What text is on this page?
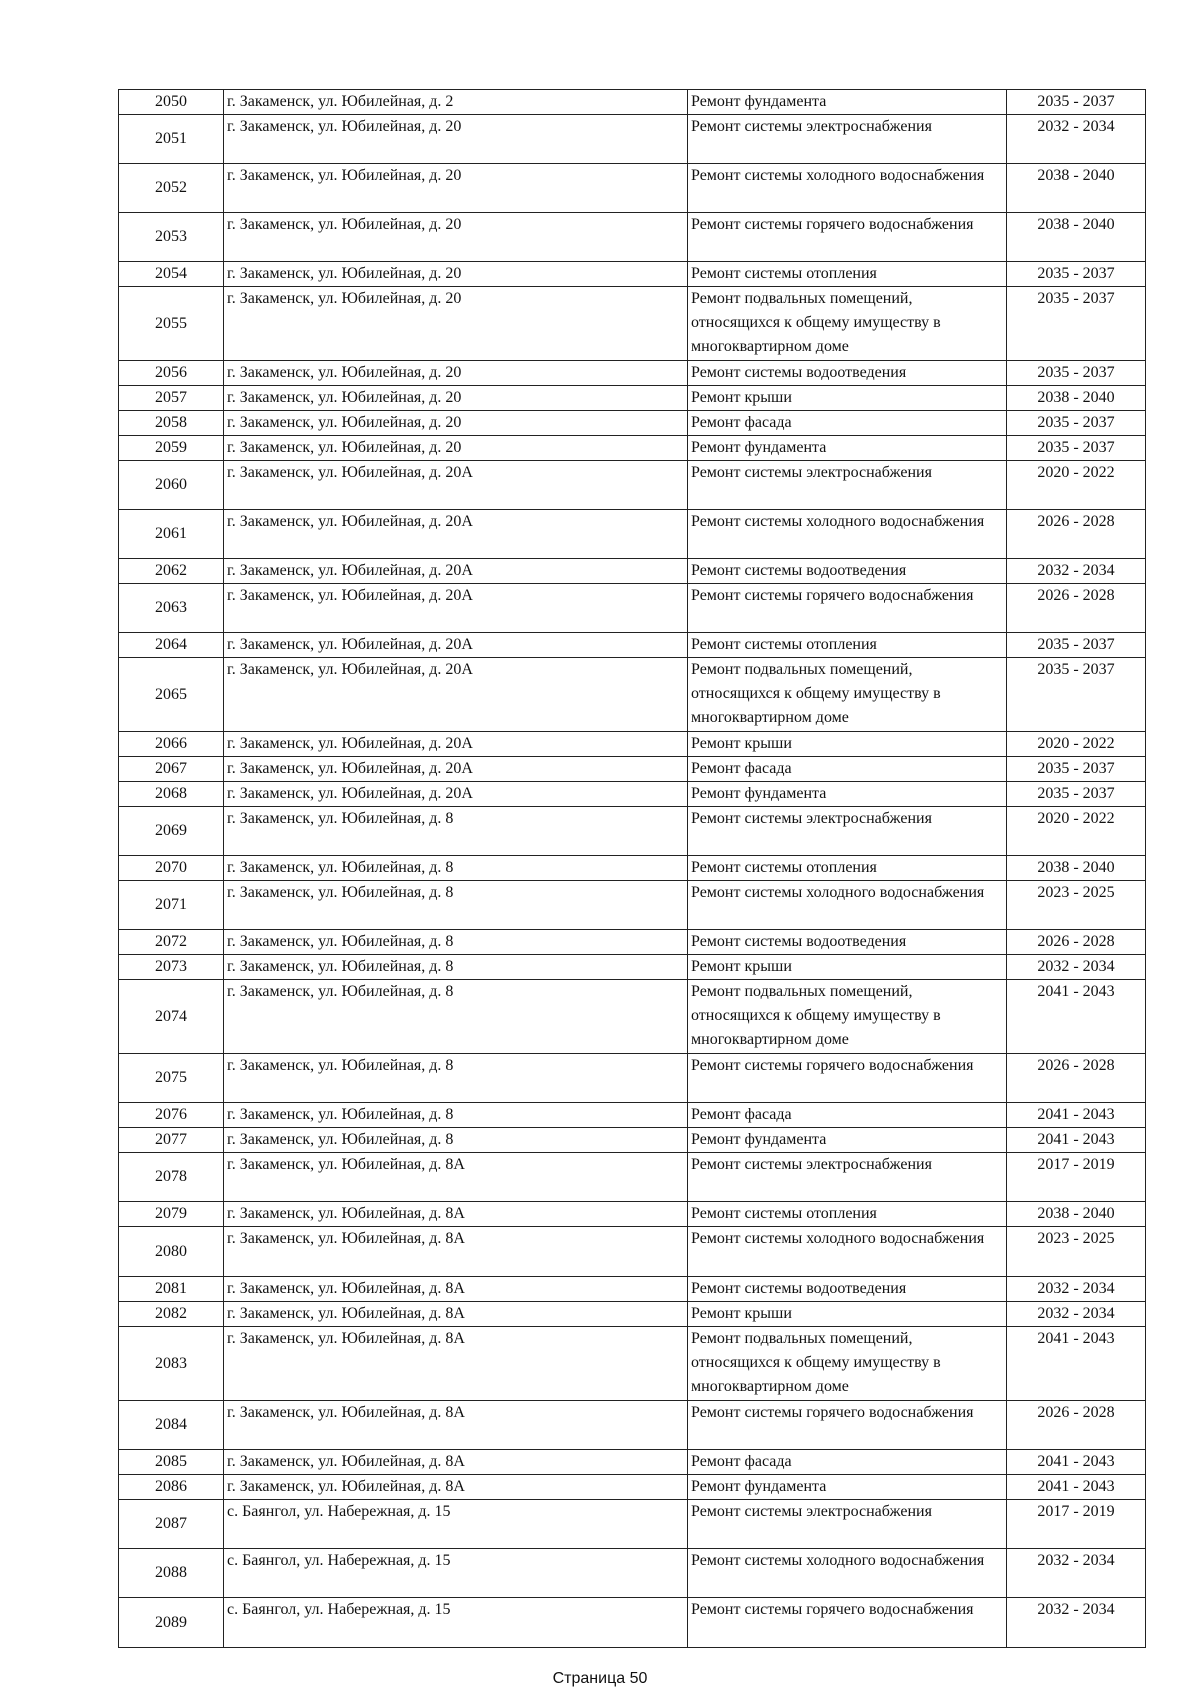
2050	г. Закаменск, ул. Юбилейная, д. 2	Ремонт фундамента	2035 - 2037
2051	г. Закаменск, ул. Юбилейная, д. 20	Ремонт системы электроснабжения	2032 - 2034
2052	г. Закаменск, ул. Юбилейная, д. 20	Ремонт системы холодного водоснабжения	2038 - 2040
2053	г. Закаменск, ул. Юбилейная, д. 20	Ремонт системы горячего водоснабжения	2038 - 2040
2054	г. Закаменск, ул. Юбилейная, д. 20	Ремонт системы отопления	2035 - 2037
2055	г. Закаменск, ул. Юбилейная, д. 20	Ремонт подвальных помещений, относящихся к общему имуществу в многоквартирном доме	2035 - 2037
2056	г. Закаменск, ул. Юбилейная, д. 20	Ремонт системы водоотведения	2035 - 2037
2057	г. Закаменск, ул. Юбилейная, д. 20	Ремонт крыши	2038 - 2040
2058	г. Закаменск, ул. Юбилейная, д. 20	Ремонт фасада	2035 - 2037
2059	г. Закаменск, ул. Юбилейная, д. 20	Ремонт фундамента	2035 - 2037
2060	г. Закаменск, ул. Юбилейная, д. 20А	Ремонт системы электроснабжения	2020 - 2022
2061	г. Закаменск, ул. Юбилейная, д. 20А	Ремонт системы холодного водоснабжения	2026 - 2028
2062	г. Закаменск, ул. Юбилейная, д. 20А	Ремонт системы водоотведения	2032 - 2034
2063	г. Закаменск, ул. Юбилейная, д. 20А	Ремонт системы горячего водоснабжения	2026 - 2028
2064	г. Закаменск, ул. Юбилейная, д. 20А	Ремонт системы отопления	2035 - 2037
2065	г. Закаменск, ул. Юбилейная, д. 20А	Ремонт подвальных помещений, относящихся к общему имуществу в многоквартирном доме	2035 - 2037
2066	г. Закаменск, ул. Юбилейная, д. 20А	Ремонт крыши	2020 - 2022
2067	г. Закаменск, ул. Юбилейная, д. 20А	Ремонт фасада	2035 - 2037
2068	г. Закаменск, ул. Юбилейная, д. 20А	Ремонт фундамента	2035 - 2037
2069	г. Закаменск, ул. Юбилейная, д. 8	Ремонт системы электроснабжения	2020 - 2022
2070	г. Закаменск, ул. Юбилейная, д. 8	Ремонт системы отопления	2038 - 2040
2071	г. Закаменск, ул. Юбилейная, д. 8	Ремонт системы холодного водоснабжения	2023 - 2025
2072	г. Закаменск, ул. Юбилейная, д. 8	Ремонт системы водоотведения	2026 - 2028
2073	г. Закаменск, ул. Юбилейная, д. 8	Ремонт крыши	2032 - 2034
2074	г. Закаменск, ул. Юбилейная, д. 8	Ремонт подвальных помещений, относящихся к общему имуществу в многоквартирном доме	2041 - 2043
2075	г. Закаменск, ул. Юбилейная, д. 8	Ремонт системы горячего водоснабжения	2026 - 2028
2076	г. Закаменск, ул. Юбилейная, д. 8	Ремонт фасада	2041 - 2043
2077	г. Закаменск, ул. Юбилейная, д. 8	Ремонт фундамента	2041 - 2043
2078	г. Закаменск, ул. Юбилейная, д. 8А	Ремонт системы электроснабжения	2017 - 2019
2079	г. Закаменск, ул. Юбилейная, д. 8А	Ремонт системы отопления	2038 - 2040
2080	г. Закаменск, ул. Юбилейная, д. 8А	Ремонт системы холодного водоснабжения	2023 - 2025
2081	г. Закаменск, ул. Юбилейная, д. 8А	Ремонт системы водоотведения	2032 - 2034
2082	г. Закаменск, ул. Юбилейная, д. 8А	Ремонт крыши	2032 - 2034
2083	г. Закаменск, ул. Юбилейная, д. 8А	Ремонт подвальных помещений, относящихся к общему имуществу в многоквартирном доме	2041 - 2043
2084	г. Закаменск, ул. Юбилейная, д. 8А	Ремонт системы горячего водоснабжения	2026 - 2028
2085	г. Закаменск, ул. Юбилейная, д. 8А	Ремонт фасада	2041 - 2043
2086	г. Закаменск, ул. Юбилейная, д. 8А	Ремонт фундамента	2041 - 2043
2087	с. Баянгол, ул. Набережная, д. 15	Ремонт системы электроснабжения	2017 - 2019
2088	с. Баянгол, ул. Набережная, д. 15	Ремонт системы холодного водоснабжения	2032 - 2034
2089	с. Баянгол, ул. Набережная, д. 15	Ремонт системы горячего водоснабжения	2032 - 2034
Страница 50
